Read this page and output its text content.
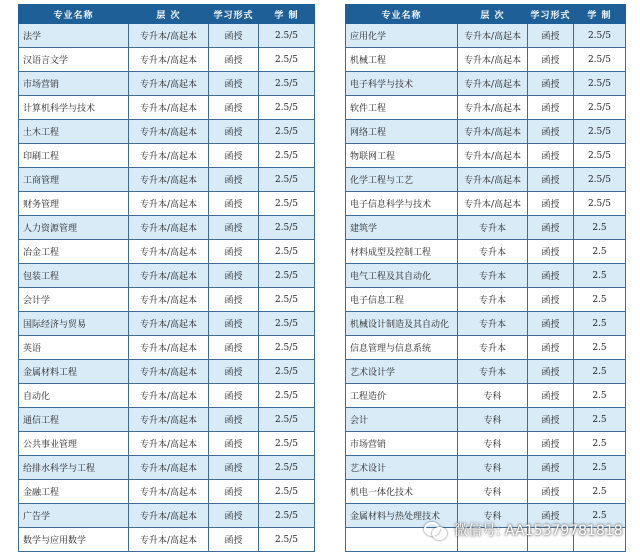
专业名称	层 次	学习形式	学 制
法学	专升本/高起本	函授	2.5/5
汉语言文学	专升本/高起本	函授	2.5/5
市场营销	专升本/高起本	函授	2.5/5
计算机科学与技术	专升本/高起本	函授	2.5/5
土木工程	专升本/高起本	函授	2.5/5
印刷工程	专升本/高起本	函授	2.5/5
工商管理	专升本/高起本	函授	2.5/5
财务管理	专升本/高起本	函授	2.5/5
人力资源管理	专升本/高起本	函授	2.5/5
冶金工程	专升本/高起本	函授	2.5/5
包装工程	专升本/高起本	函授	2.5/5
会计学	专升本/高起本	函授	2.5/5
国际经济与贸易	专升本/高起本	函授	2.5/5
英语	专升本/高起本	函授	2.5/5
金属材料工程	专升本/高起本	函授	2.5/5
自动化	专升本/高起本	函授	2.5/5
通信工程	专升本/高起本	函授	2.5/5
公共事业管理	专升本/高起本	函授	2.5/5
给排水科学与工程	专升本/高起本	函授	2.5/5
金融工程	专升本/高起本	函授	2.5/5
广告学	专升本/高起本	函授	2.5/5
数学与应用数学	专升本/高起本	函授	2.5/5
专业名称	层 次	学习形式	学 制
应用化学	专升本/高起本	函授	2.5/5
机械工程	专升本/高起本	函授	2.5/5
电子科学与技术	专升本/高起本	函授	2.5/5
软件工程	专升本/高起本	函授	2.5/5
网络工程	专升本/高起本	函授	2.5/5
物联网工程	专升本/高起本	函授	2.5/5
化学工程与工艺	专升本/高起本	函授	2.5/5
电子信息科学与技术	专升本/高起本	函授	2.5/5
建筑学	专升本	函授	2.5
材料成型及控制工程	专升本	函授	2.5
电气工程及其自动化	专升本	函授	2.5
电子信息工程	专升本	函授	2.5
机械设计制造及其自动化	专升本	函授	2.5
信息管理与信息系统	专升本	函授	2.5
艺术设计学	专升本	函授	2.5
工程造价	专科	函授	2.5
会计	专科	函授	2.5
市场营销	专科	函授	2.5
艺术设计	专科	函授	2.5
机电一体化技术	专科	函授	2.5
金属材料与热处理技术	专科	函授	2.5

微信号: AA15379781818
